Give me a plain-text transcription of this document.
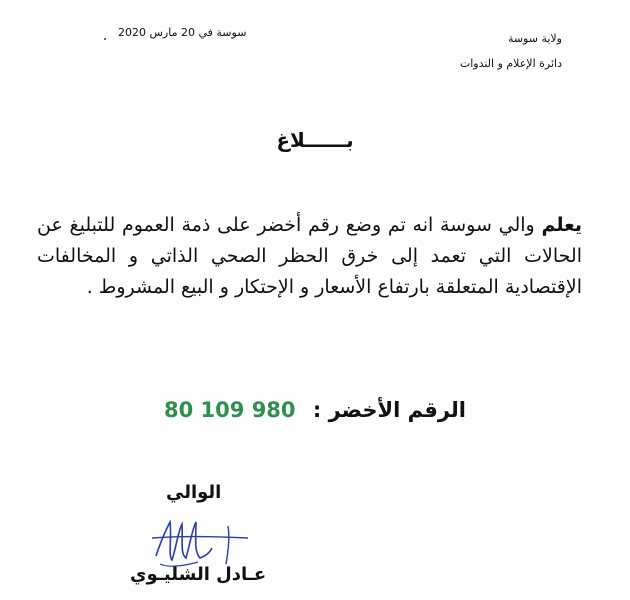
ولاية سوسة
دائرة الإعلام و الندوات
سوسة في 20 مارس 2020
بــــــلاغ
يعلم والي سوسة انه تم وضع رقم أخضر على ذمة العموم للتبليغ عن الحالات التي تعمد إلى خرق الحظر الصحي الذاتي و المخالفات الإقتصادية المتعلقة بارتفاع الأسعار و الإحتكار و البيع المشروط .
الرقم الأخضر : 80 109 980
الوالي
عـادل الشليـوي
